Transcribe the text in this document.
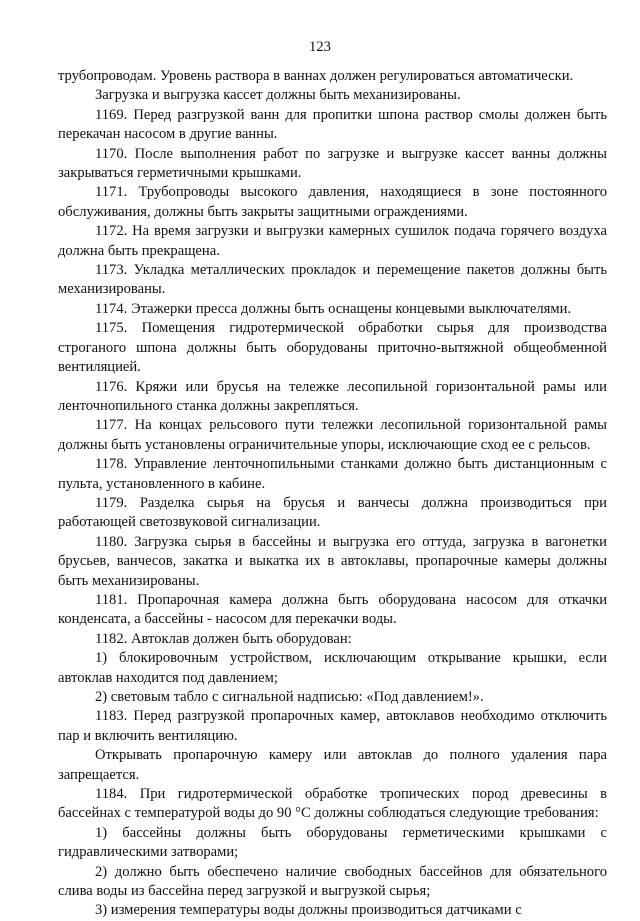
123

трубопроводам. Уровень раствора в ваннах должен регулироваться автоматически.

Загрузка и выгрузка кассет должны быть механизированы.

1169. Перед разгрузкой ванн для пропитки шпона раствор смолы должен быть перекачан насосом в другие ванны.

1170. После выполнения работ по загрузке и выгрузке кассет ванны должны закрываться герметичными крышками.

1171. Трубопроводы высокого давления, находящиеся в зоне постоянного обслуживания, должны быть закрыты защитными ограждениями.

1172. На время загрузки и выгрузки камерных сушилок подача горячего воздуха должна быть прекращена.

1173. Укладка металлических прокладок и перемещение пакетов должны быть механизированы.

1174. Этажерки пресса должны быть оснащены концевыми выключателями.

1175. Помещения гидротермической обработки сырья для производства строганого шпона должны быть оборудованы приточно-вытяжной общеобменной вентиляцией.

1176. Кряжи или брусья на тележке лесопильной горизонтальной рамы или ленточнопильного станка должны закрепляться.

1177. На концах рельсового пути тележки лесопильной горизонтальной рамы должны быть установлены ограничительные упоры, исключающие сход ее с рельсов.

1178. Управление ленточнопильными станками должно быть дистанционным с пульта, установленного в кабине.

1179. Разделка сырья на брусья и ванчесы должна производиться при работающей светозвуковой сигнализации.

1180. Загрузка сырья в бассейны и выгрузка его оттуда, загрузка в вагонетки брусьев, ванчесов, закатка и выкатка их в автоклавы, пропарочные камеры должны быть механизированы.

1181. Пропарочная камера должна быть оборудована насосом для откачки конденсата, а бассейны - насосом для перекачки воды.

1182. Автоклав должен быть оборудован:

1) блокировочным устройством, исключающим открывание крышки, если автоклав находится под давлением;

2) световым табло с сигнальной надписью: «Под давлением!».

1183. Перед разгрузкой пропарочных камер, автоклавов необходимо отключить пар и включить вентиляцию.

Открывать пропарочную камеру или автоклав до полного удаления пара запрещается.

1184. При гидротермической обработке тропических пород древесины в бассейнах с температурой воды до 90 °С должны соблюдаться следующие требования:

1) бассейны должны быть оборудованы герметическими крышками с гидравлическими затворами;

2) должно быть обеспечено наличие свободных бассейнов для обязательного слива воды из бассейна перед загрузкой и выгрузкой сырья;

3) измерения температуры воды должны производиться датчиками с
